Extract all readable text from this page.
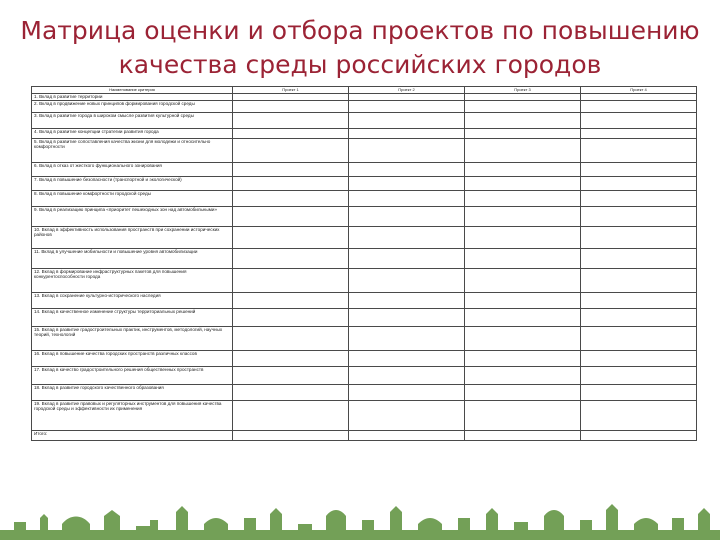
Матрица оценки и отбора проектов по повышению
качества среды российских городов
Наименование критерия	Проект 1	Проект 2	Проект 3	Проект 4
1. Вклад в развитие территории				
2. Вклад в продвижение новых принципов формирования городской среды				
3. Вклад в развитие города в широком смысле развития культурной среды				
4. Вклад в развитие концепции стратегии развития города				
5. Вклад в развитие сопоставления качества жизни для молодежи и относительно комфортности				
6. Вклад в отказ от жесткого функционального зонирования				
7. Вклад в повышение безопасности (транспортной и экологической)				
8. Вклад в повышение комфортности городской среды				
9. Вклад в реализацию принципа «приоритет пешеходных зон над автомобильными»				
10. Вклад в эффективность использования пространств при сохранении исторических районов				
11. Вклад в улучшение мобильности и повышение уровня автомобилизации				
12. Вклад в формирование инфраструктурных пакетов для повышения конкурентоспособности города				
13. Вклад в сохранение культурно-исторического наследия				
14. Вклад в качественное изменение структуры территориальных решений				
15. Вклад в развитие градостроительных практик, инструментов, методологий, научных теорий, технологий				
16. Вклад в повышение качества городских пространств различных классов				
17. Вклад в качество градостроительного решения общественных пространств				
18. Вклад в развитие городского качественного образования				
19. Вклад в развитие правовых и регуляторных инструментов для повышения качества городской среды и эффективности их применения				
Итого:				
